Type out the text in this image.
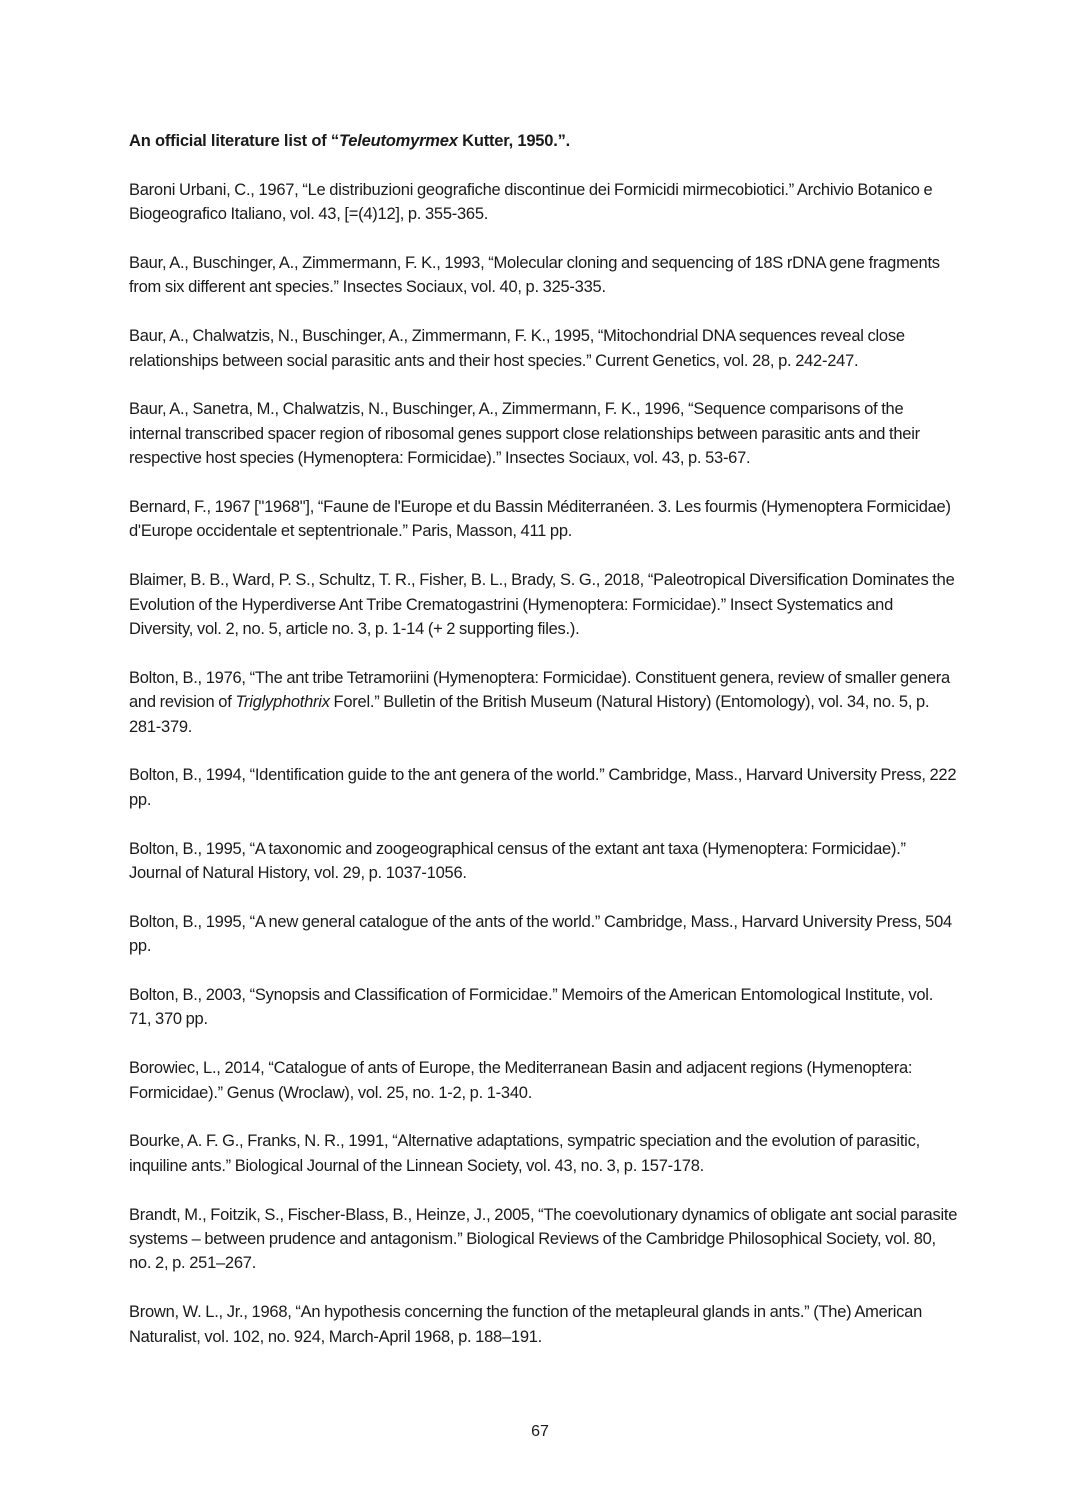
An official literature list of “Teleutomyrmex Kutter, 1950.”.

Baroni Urbani, C., 1967, “Le distribuzioni geografiche discontinue dei Formicidi mirmecobiotici.” Archivio Botanico e Biogeografico Italiano, vol. 43, [=(4)12], p. 355-365.

Baur, A., Buschinger, A., Zimmermann, F. K., 1993, “Molecular cloning and sequencing of 18S rDNA gene fragments from six different ant species.” Insectes Sociaux, vol. 40, p. 325-335.

Baur, A., Chalwatzis, N., Buschinger, A., Zimmermann, F. K., 1995, “Mitochondrial DNA sequences reveal close relationships between social parasitic ants and their host species.” Current Genetics, vol. 28, p. 242-247.

Baur, A., Sanetra, M., Chalwatzis, N., Buschinger, A., Zimmermann, F. K., 1996, “Sequence comparisons of the internal transcribed spacer region of ribosomal genes support close relationships between parasitic ants and their respective host species (Hymenoptera: Formicidae).” Insectes Sociaux, vol. 43, p. 53-67.

Bernard, F., 1967 ["1968"], “Faune de l'Europe et du Bassin Méditerranéen. 3. Les fourmis (Hymenoptera Formicidae) d'Europe occidentale et septentrionale.” Paris, Masson, 411 pp.

Blaimer, B. B., Ward, P. S., Schultz, T. R., Fisher, B. L., Brady, S. G., 2018, “Paleotropical Diversification Dominates the Evolution of the Hyperdiverse Ant Tribe Crematogastrini (Hymenoptera: Formicidae).” Insect Systematics and Diversity, vol. 2, no. 5, article no. 3, p. 1-14 (+ 2 supporting files.).

Bolton, B., 1976, “The ant tribe Tetramoriini (Hymenoptera: Formicidae). Constituent genera, review of smaller genera and revision of Triglyphothrix Forel.” Bulletin of the British Museum (Natural History) (Entomology), vol. 34, no. 5, p. 281-379.

Bolton, B., 1994, “Identification guide to the ant genera of the world.” Cambridge, Mass., Harvard University Press, 222 pp.

Bolton, B., 1995, “A taxonomic and zoogeographical census of the extant ant taxa (Hymenoptera: Formicidae).” Journal of Natural History, vol. 29, p. 1037-1056.

Bolton, B., 1995, “A new general catalogue of the ants of the world.” Cambridge, Mass., Harvard University Press, 504 pp.

Bolton, B., 2003, “Synopsis and Classification of Formicidae.” Memoirs of the American Entomological Institute, vol. 71, 370 pp.

Borowiec, L., 2014, “Catalogue of ants of Europe, the Mediterranean Basin and adjacent regions (Hymenoptera: Formicidae).” Genus (Wroclaw), vol. 25, no. 1-2, p. 1-340.

Bourke, A. F. G., Franks, N. R., 1991, “Alternative adaptations, sympatric speciation and the evolution of parasitic, inquiline ants.” Biological Journal of the Linnean Society, vol. 43, no. 3, p. 157-178.

Brandt, M., Foitzik, S., Fischer-Blass, B., Heinze, J., 2005, “The coevolutionary dynamics of obligate ant social parasite systems – between prudence and antagonism.” Biological Reviews of the Cambridge Philosophical Society, vol. 80, no. 2, p. 251–267.

Brown, W. L., Jr., 1968, “An hypothesis concerning the function of the metapleural glands in ants.” (The) American Naturalist, vol. 102, no. 924, March-April 1968, p. 188–191.

67
